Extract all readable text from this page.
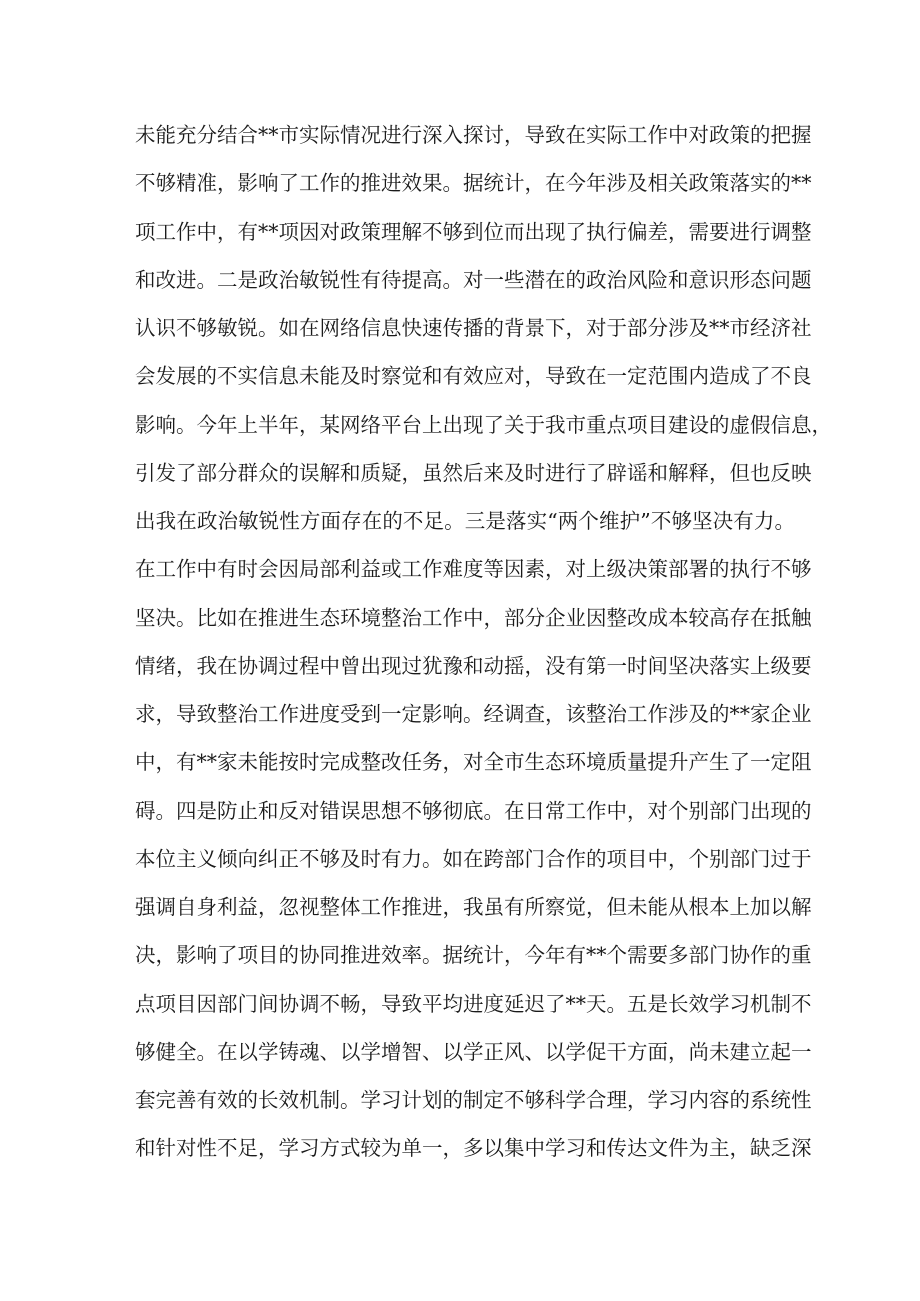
未能充分结合**市实际情况进行深入探讨，导致在实际工作中对政策的把握
不够精准，影响了工作的推进效果。据统计，在今年涉及相关政策落实的**
项工作中，有**项因对政策理解不够到位而出现了执行偏差，需要进行调整
和改进。二是政治敏锐性有待提高。对一些潜在的政治风险和意识形态问题
认识不够敏锐。如在网络信息快速传播的背景下，对于部分涉及**市经济社
会发展的不实信息未能及时察觉和有效应对，导致在一定范围内造成了不良
影响。今年上半年，某网络平台上出现了关于我市重点项目建设的虚假信息，
引发了部分群众的误解和质疑，虽然后来及时进行了辟谣和解释，但也反映
出我在政治敏锐性方面存在的不足。三是落实“两个维护”不够坚决有力。
在工作中有时会因局部利益或工作难度等因素，对上级决策部署的执行不够
坚决。比如在推进生态环境整治工作中，部分企业因整改成本较高存在抵触
情绪，我在协调过程中曾出现过犹豫和动摇，没有第一时间坚决落实上级要
求，导致整治工作进度受到一定影响。经调查，该整治工作涉及的**家企业
中，有**家未能按时完成整改任务，对全市生态环境质量提升产生了一定阻
碍。四是防止和反对错误思想不够彻底。在日常工作中，对个别部门出现的
本位主义倾向纠正不够及时有力。如在跨部门合作的项目中，个别部门过于
强调自身利益，忽视整体工作推进，我虽有所察觉，但未能从根本上加以解
决，影响了项目的协同推进效率。据统计，今年有**个需要多部门协作的重
点项目因部门间协调不畅，导致平均进度延迟了**天。五是长效学习机制不
够健全。在以学铸魂、以学增智、以学正风、以学促干方面，尚未建立起一
套完善有效的长效机制。学习计划的制定不够科学合理，学习内容的系统性
和针对性不足，学习方式较为单一，多以集中学习和传达文件为主，缺乏深
